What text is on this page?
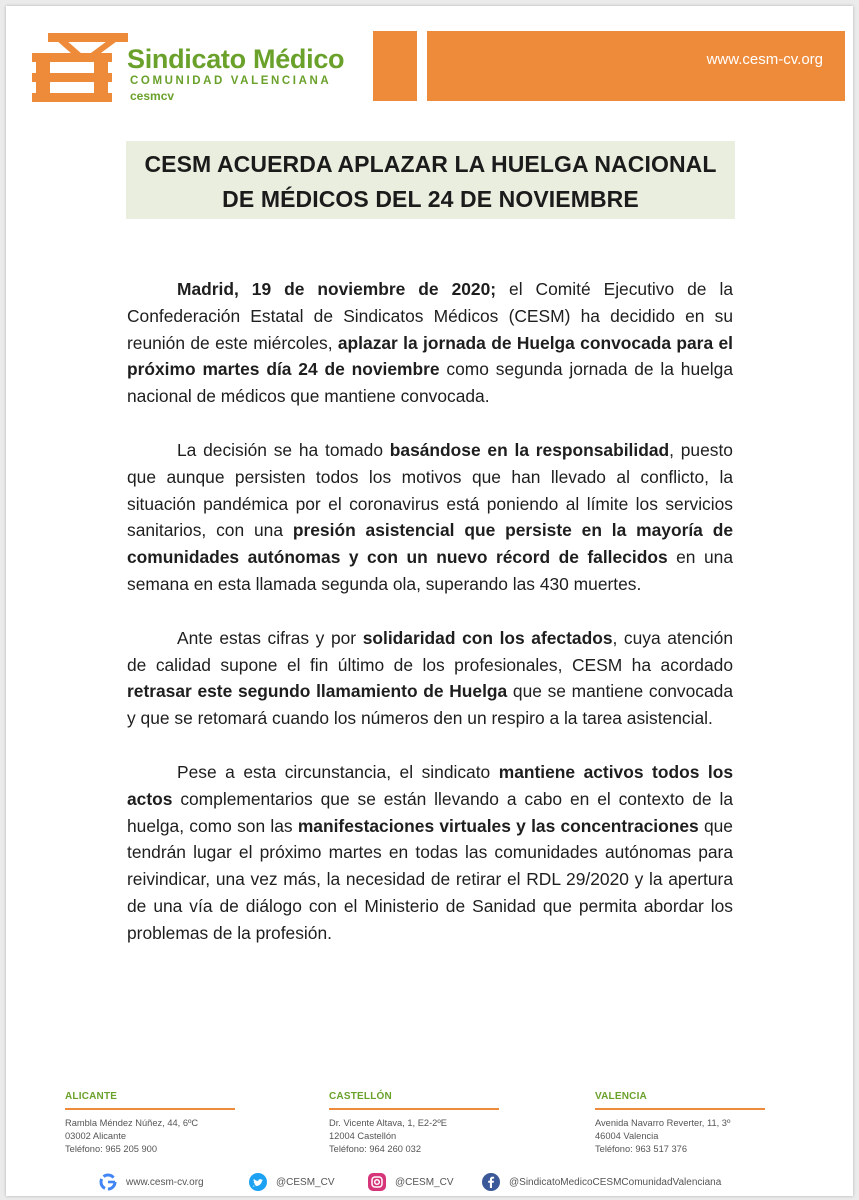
Sindicato Médico
COMUNIDAD VALENCIANA
cesmcv
www.cesm-cv.org
CESM ACUERDA APLAZAR LA HUELGA NACIONAL
DE MÉDICOS DEL 24 DE NOVIEMBRE

Madrid, 19 de noviembre de 2020; el Comité Ejecutivo de la Confederación Estatal de Sindicatos Médicos (CESM) ha decidido en su reunión de este miércoles, aplazar la jornada de Huelga convocada para el próximo martes día 24 de noviembre como segunda jornada de la huelga nacional de médicos que mantiene convocada.

La decisión se ha tomado basándose en la responsabilidad, puesto que aunque persisten todos los motivos que han llevado al conflicto, la situación pandémica por el coronavirus está poniendo al límite los servicios sanitarios, con una presión asistencial que persiste en la mayoría de comunidades autónomas y con un nuevo récord de fallecidos en una semana en esta llamada segunda ola, superando las 430 muertes.

Ante estas cifras y por solidaridad con los afectados, cuya atención de calidad supone el fin último de los profesionales, CESM ha acordado retrasar este segundo llamamiento de Huelga que se mantiene convocada y que se retomará cuando los números den un respiro a la tarea asistencial.

Pese a esta circunstancia, el sindicato mantiene activos todos los actos complementarios que se están llevando a cabo en el contexto de la huelga, como son las manifestaciones virtuales y las concentraciones que tendrán lugar el próximo martes en todas las comunidades autónomas para reivindicar, una vez más, la necesidad de retirar el RDL 29/2020 y la apertura de una vía de diálogo con el Ministerio de Sanidad que permita abordar los problemas de la profesión.

ALICANTE
Rambla Méndez Núñez, 44, 6ºC
03002 Alicante
Teléfono: 965 205 900
CASTELLÓN
Dr. Vicente Altava, 1, E2-2ºE
12004 Castellón
Teléfono: 964 260 032
VALENCIA
Avenida Navarro Reverter, 11, 3º
46004 Valencia
Teléfono: 963 517 376
www.cesm-cv.org	@CESM_CV	@CESM_CV	@SindicatoMedicoCESMComunidadValenciana
